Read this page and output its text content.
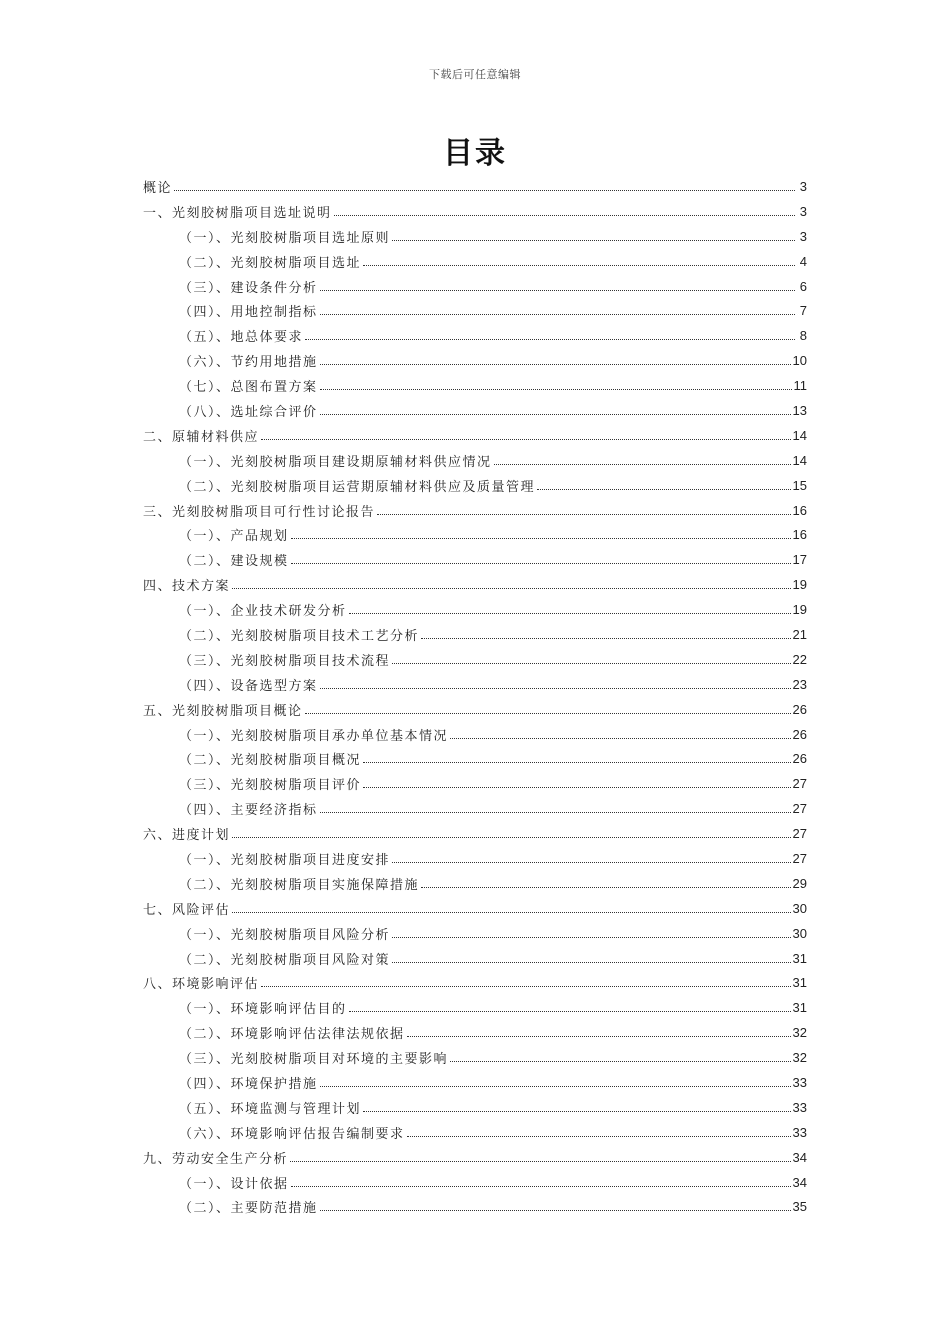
下载后可任意编辑
目录
概论	3
一、光刻胶树脂项目选址说明	3
（一）、光刻胶树脂项目选址原则	3
（二）、光刻胶树脂项目选址	4
（三）、建设条件分析	6
（四）、用地控制指标	7
（五）、地总体要求	8
（六）、节约用地措施	10
（七）、总图布置方案	11
（八）、选址综合评价	13
二、原辅材料供应	14
（一）、光刻胶树脂项目建设期原辅材料供应情况	14
（二）、光刻胶树脂项目运营期原辅材料供应及质量管理	15
三、光刻胶树脂项目可行性讨论报告	16
（一）、产品规划	16
（二）、建设规模	17
四、技术方案	19
（一）、企业技术研发分析	19
（二）、光刻胶树脂项目技术工艺分析	21
（三）、光刻胶树脂项目技术流程	22
（四）、设备选型方案	23
五、光刻胶树脂项目概论	26
（一）、光刻胶树脂项目承办单位基本情况	26
（二）、光刻胶树脂项目概况	26
（三）、光刻胶树脂项目评价	27
（四）、主要经济指标	27
六、进度计划	27
（一）、光刻胶树脂项目进度安排	27
（二）、光刻胶树脂项目实施保障措施	29
七、风险评估	30
（一）、光刻胶树脂项目风险分析	30
（二）、光刻胶树脂项目风险对策	31
八、环境影响评估	31
（一）、环境影响评估目的	31
（二）、环境影响评估法律法规依据	32
（三）、光刻胶树脂项目对环境的主要影响	32
（四）、环境保护措施	33
（五）、环境监测与管理计划	33
（六）、环境影响评估报告编制要求	33
九、劳动安全生产分析	34
（一）、设计依据	34
（二）、主要防范措施	35
